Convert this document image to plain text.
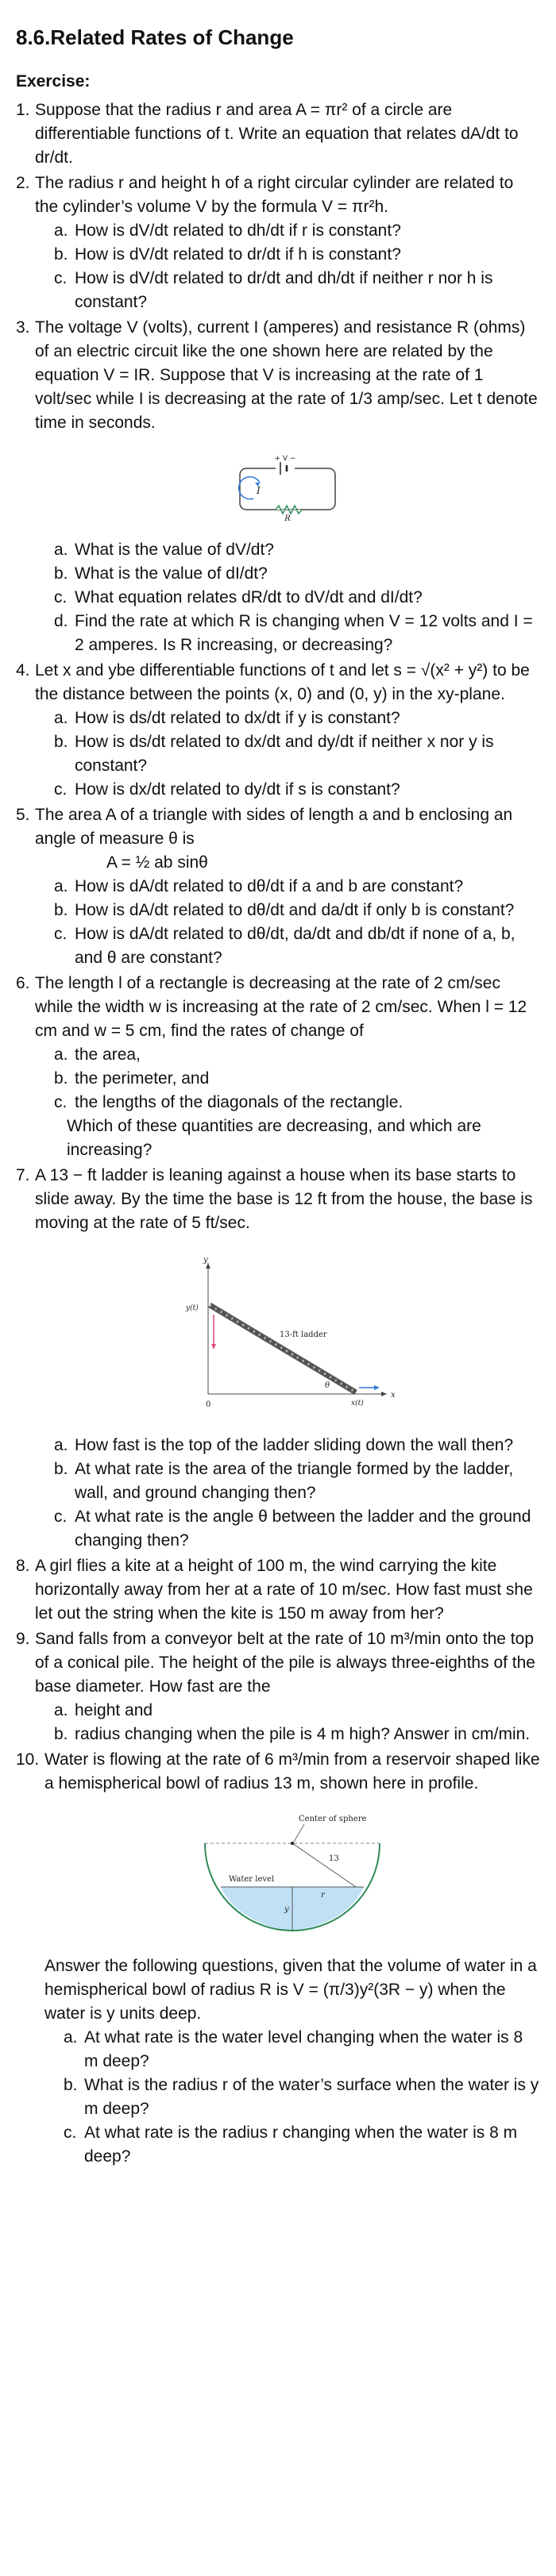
8.6.Related Rates of Change
Exercise:
1. Suppose that the radius r and area A = πr² of a circle are differentiable functions of t. Write an equation that relates dA/dt to dr/dt.
2. The radius r and height h of a right circular cylinder are related to the cylinder’s volume V by the formula V = πr²h.
a. How is dV/dt related to dh/dt if r is constant?
b. How is dV/dt related to dr/dt if h is constant?
c. How is dV/dt related to dr/dt and dh/dt if neither r nor h is constant?
3. The voltage V (volts), current I (amperes) and resistance R (ohms) of an electric circuit like the one shown here are related by the equation V = IR. Suppose that V is increasing at the rate of 1 volt/sec while I is decreasing at the rate of 1/3 amp/sec. Let t denote time in seconds.
+ V −
R
I
a. What is the value of dV/dt?
b. What is the value of dI/dt?
c. What equation relates dR/dt to dV/dt and dI/dt?
d. Find the rate at which R is changing when V = 12 volts and I = 2 amperes. Is R increasing, or decreasing?
4. Let x and ybe differentiable functions of t and let s = √(x² + y²) to be the distance between the points (x, 0) and (0, y) in the xy-plane.
a. How is ds/dt related to dx/dt if y is constant?
b. How is ds/dt related to dx/dt and dy/dt if neither x nor y is constant?
c. How is dx/dt related to dy/dt if s is constant?
5. The area A of a triangle with sides of length a and b enclosing an angle of measure θ is
A = ½ ab sinθ
a. How is dA/dt related to dθ/dt if a and b are constant?
b. How is dA/dt related to dθ/dt and da/dt if only b is constant?
c. How is dA/dt related to dθ/dt, da/dt and db/dt if none of a, b, and θ are constant?
6. The length l of a rectangle is decreasing at the rate of 2 cm/sec while the width w is increasing at the rate of 2 cm/sec. When l = 12 cm and w = 5 cm, find the rates of change of
a. the area,
b. the perimeter, and
c. the lengths of the diagonals of the rectangle.
Which of these quantities are decreasing, and which are increasing?
7. A 13 − ft ladder is leaning against a house when its base starts to slide away. By the time the base is 12 ft from the house, the base is moving at the rate of 5 ft/sec.
x
y
0
y(t)
x(t)
13-ft ladder
θ
a. How fast is the top of the ladder sliding down the wall then?
b. At what rate is the area of the triangle formed by the ladder, wall, and ground changing then?
c. At what rate is the angle θ between the ladder and the ground changing then?
8. A girl flies a kite at a height of 100 m, the wind carrying the kite horizontally away from her at a rate of 10 m/sec. How fast must she let out the string when the kite is 150 m away from her?
9. Sand falls from a conveyor belt at the rate of 10 m³/min onto the top of a conical pile. The height of the pile is always three-eighths of the base diameter. How fast are the
a. height and
b. radius changing when the pile is 4 m high? Answer in cm/min.
10. Water is flowing at the rate of 6 m³/min from a reservoir shaped like a hemispherical bowl of radius 13 m, shown here in profile.
Center of sphere
13
Water level
r
y
Answer the following questions, given that the volume of water in a hemispherical bowl of radius R is V = (π/3)y²(3R − y) when the water is y units deep.
a. At what rate is the water level changing when the water is 8 m deep?
b. What is the radius r of the water’s surface when the water is y m deep?
c. At what rate is the radius r changing when the water is 8 m deep?
